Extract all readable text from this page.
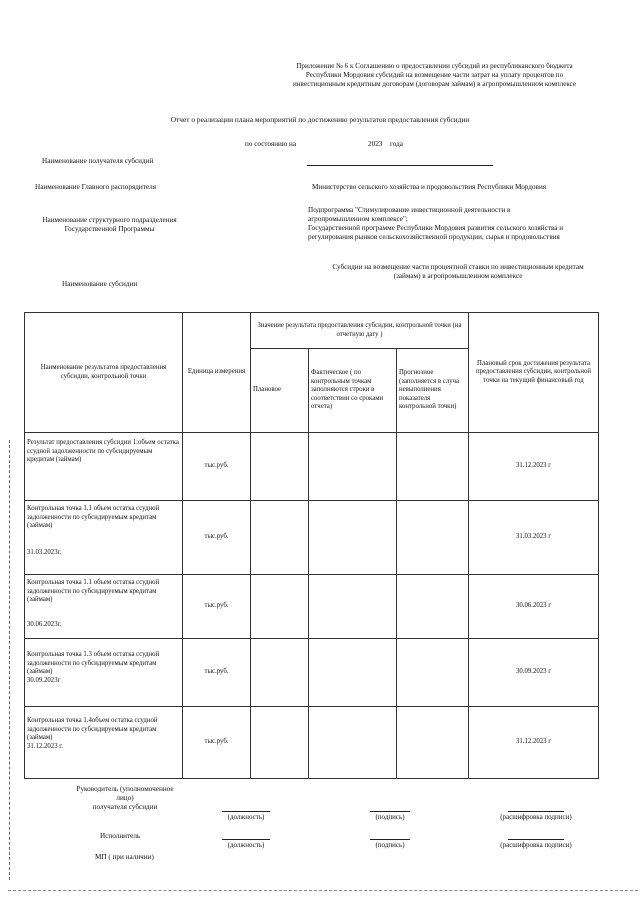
Приложение № 6 к Соглашению о предоставлении субсидий из республиканского бюджета
Республики Мордовия субсидий на возмещение части затрат на уплату процентов по
инвестиционным кредитным договорам (договорам займам) в агропромышленном комплексе
Отчет о реализации плана мероприятий по достижению результатов предоставления субсидии
по состоянию на	2023 года
Наименование получателя субсидий
Наименование Главного распорядителя	Министерство сельского хозяйства и продовольствия Республики Мордовия
Наименование структурного подразделения
Государственной Программы
Подпрограмма "Стимулирование инвестиционной деятельности в
агропромышленном комплексе";
Государственной программе Республики Мордовия развития сельского хозяйства и
регулирования рынков сельскохозяйственной продукции, сырья и продовольствия
Наименование субсидии
Субсидии на возмещение части процентной ставки по инвестиционным кредитам
(займам) в агропромышленном комплексе
Наименование результатов предоставления субсидии, контрольной точки	Единица измерения	Значение результата предоставления субсидии, контрольной точки (на отчетную дату )			Плановый срок достижения результата предоставления субсидии, контрольной точки на текущий финансовый год
		Плановое	Фактическое ( по контрольным точкам заполняются строки в соответствии со сроками отчета)	Прогнозное (заполняется в случа невыполнения показателя контрольной точки)	
Результат предоставления субсидии 1:объем остатка ссудной задолженности по субсидируемым кредитам (займам)	тыс.руб.				31.12.2023 г
Контрольная точка 1.1 объем остатка ссудной задолженности по субсидируемым кредитам (займам)
31.03.2023г.	тыс.руб.				31.03.2023 г
Контрольная точка 1.1 объем остатка ссудной задолженности по субсидируемым кредитам (займам)
30.06.2023г.	тыс.руб.				30.06.2023 г
Контрольная точка 1.3 объем остатка ссудной задолженности по субсидируемым кредитам (займам)
30.09.2023г	тыс.руб.				30.09.2023 г
Контрольная точка 1.4объем остатка ссудной задолженности по субсидируемым кредитам (займам)
31.12.2023 г.	тыс.руб.				31.12.2023 г
Руководитель (уполномоченное
лицо)
получателя субсидии
(должность)	(подпись)	(расшифровка подписи)
Исполнитель
(должность)	(подпись)	(расшифровка подписи)
МП ( при наличии)
